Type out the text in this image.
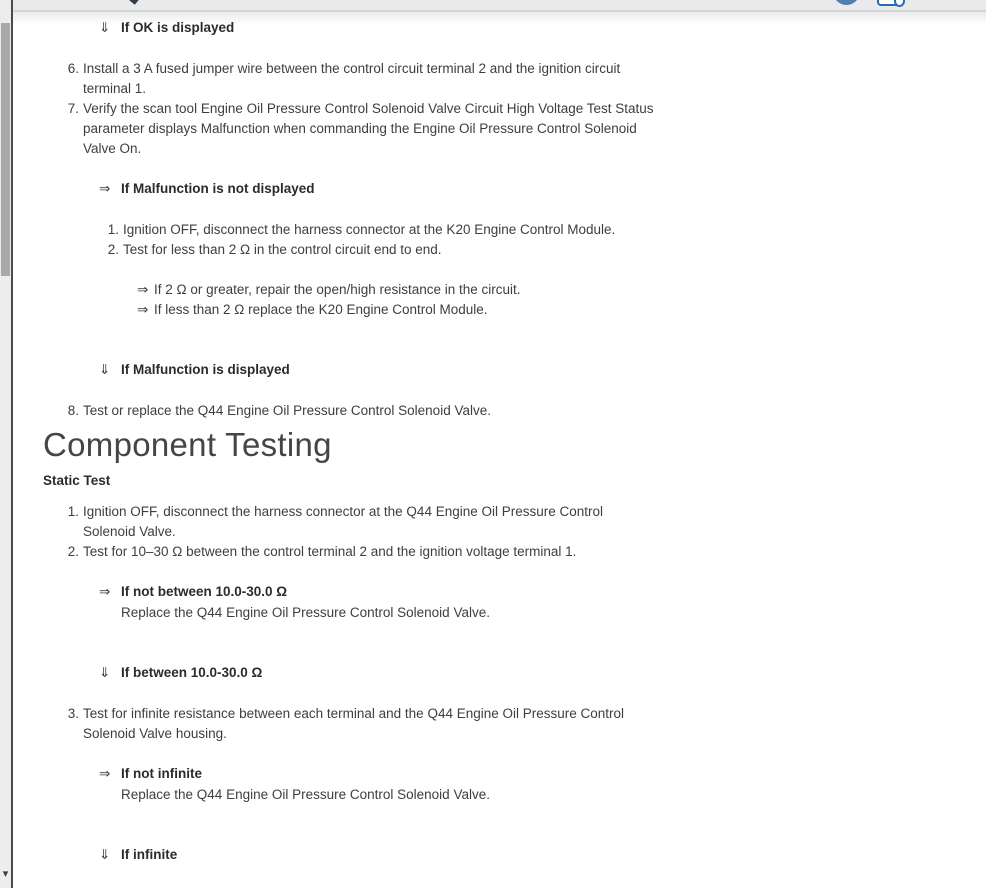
▾
⇓ If OK is displayed
6. Install a 3 A fused jumper wire between the control circuit terminal 2 and the ignition circuit terminal 1.
7. Verify the scan tool Engine Oil Pressure Control Solenoid Valve Circuit High Voltage Test Status parameter displays Malfunction when commanding the Engine Oil Pressure Control Solenoid Valve On.
⇒ If Malfunction is not displayed
1. Ignition OFF, disconnect the harness connector at the K20 Engine Control Module.
2. Test for less than 2 Ω in the control circuit end to end.
⇒ If 2 Ω or greater, repair the open/high resistance in the circuit.
⇒ If less than 2 Ω replace the K20 Engine Control Module.
⇓ If Malfunction is displayed
8. Test or replace the Q44 Engine Oil Pressure Control Solenoid Valve.
Component Testing
Static Test
1. Ignition OFF, disconnect the harness connector at the Q44 Engine Oil Pressure Control Solenoid Valve.
2. Test for 10–30 Ω between the control terminal 2 and the ignition voltage terminal 1.
⇒ If not between 10.0-30.0 Ω
Replace the Q44 Engine Oil Pressure Control Solenoid Valve.
⇓ If between 10.0-30.0 Ω
3. Test for infinite resistance between each terminal and the Q44 Engine Oil Pressure Control Solenoid Valve housing.
⇒ If not infinite
Replace the Q44 Engine Oil Pressure Control Solenoid Valve.
⇓ If infinite
